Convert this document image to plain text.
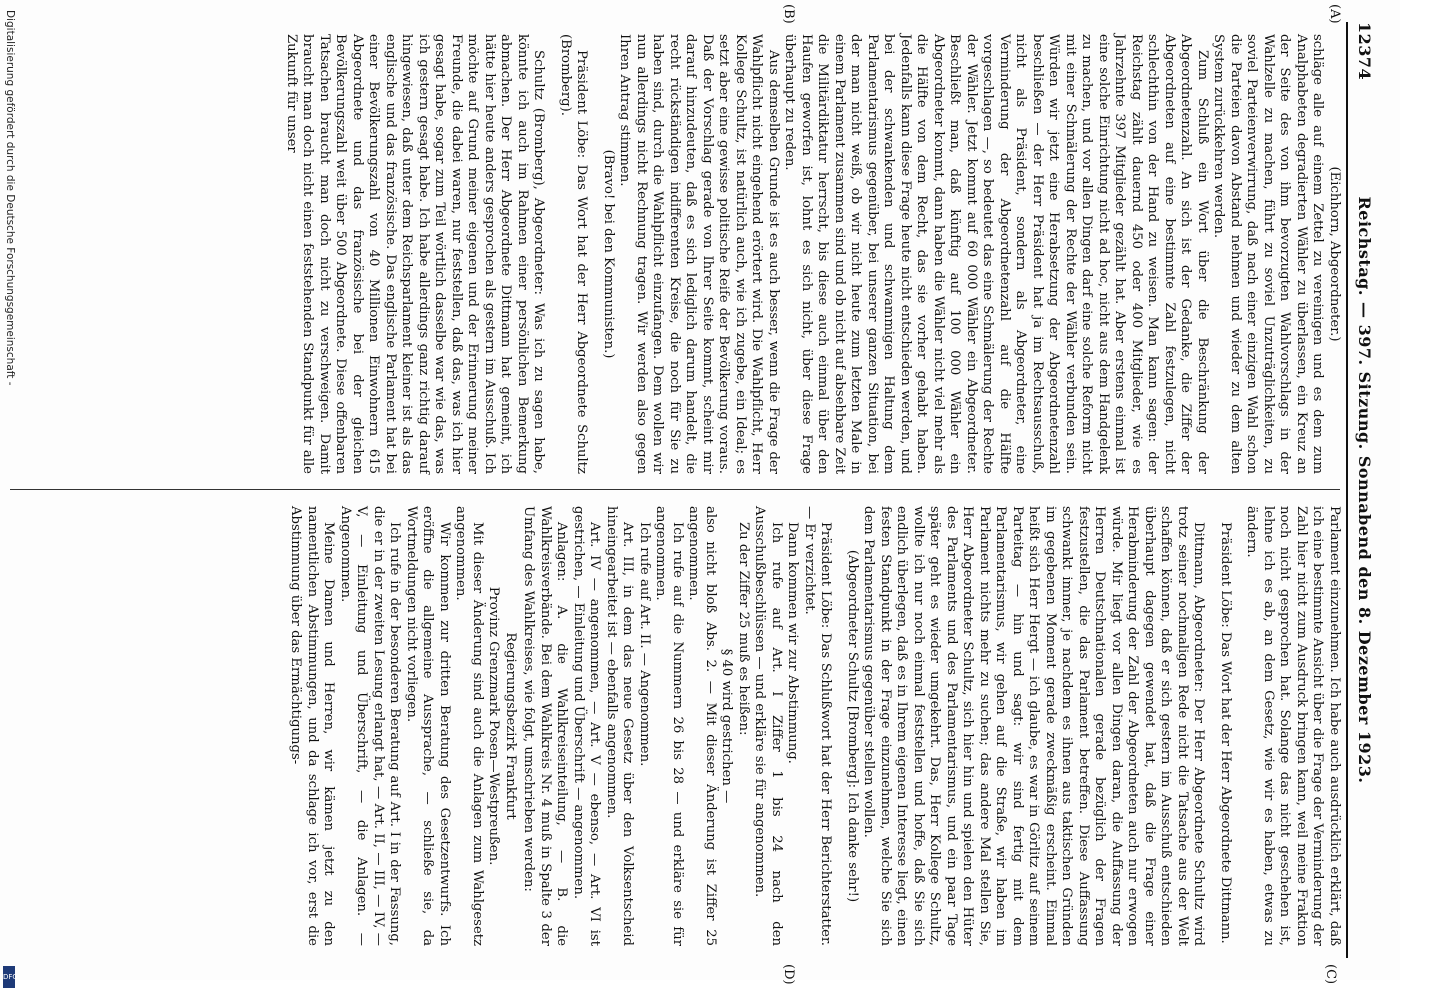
12374
Reichstag. — 397. Sitzung. Sonnabend den 8. Dezember 1923.
(A)
(B)
(C)
(D)

(Eichhorn, Abgeordneter.)

schläge alle auf einem Zettel zu vereinigen und es dem zum Analphabeten degradierten Wähler zu überlassen, ein Kreuz an der Seite des von ihm bevorzugten Wahlvorschlags in der Wahlzelle zu machen, führt zu soviel Unzuträglichkeiten, zu soviel Parteienverwirrung, daß nach einer einzigen Wahl schon die Parteien davon Abstand nehmen und wieder zu dem alten System zurückkehren werden.

Zum Schluß ein Wort über die Beschränkung der Abgeordnetenzahl. An sich ist der Gedanke, die Ziffer der Abgeordneten auf eine bestimmte Zahl festzulegen, nicht schlechthin von der Hand zu weisen. Man kann sagen: der Reichstag zählt dauernd 450 oder 400 Mitglieder, wie es Jahrzehnte 397 Mitglieder gezählt hat. Aber erstens einmal ist eine solche Einrichtung nicht ad hoc, nicht aus dem Handgelenk zu machen, und vor allen Dingen darf eine solche Reform nicht mit einer Schmälerung der Rechte der Wähler verbunden sein. Würden wir jetzt eine Herabsetzung der Abgeordnetenzahl beschließen — der Herr Präsident hat ja im Rechtsausschuß, nicht als Präsident, sondern als Abgeordneter, eine Verminderung der Abgeordnetenzahl auf die Hälfte vorgeschlagen —, so bedeutet das eine Schmälerung der Rechte der Wähler. Jetzt kommt auf 60 000 Wähler ein Abgeordneter. Beschließt man, daß künftig auf 100 000 Wähler ein Abgeordneter kommt, dann haben die Wähler nicht viel mehr als die Hälfte von dem Recht, das sie vorher gehabt haben. Jedenfalls kann diese Frage heute nicht entschieden werden, und bei der schwankenden und schwammigen Haltung dem Parlamentarismus gegenüber, bei unserer ganzen Situation, bei der man nicht weiß, ob wir nicht heute zum letzten Male in einem Parlament zusammen sind und ob nicht auf absehbare Zeit die Militärdiktatur herrscht, bis diese auch einmal über den Haufen geworfen ist, lohnt es sich nicht, über diese Frage überhaupt zu reden.

Aus demselben Grunde ist es auch besser, wenn die Frage der Wahlpflicht nicht eingehend erörtert wird. Die Wahlpflicht, Herr Kollege Schultz, ist natürlich auch, wie ich zugebe, ein Ideal; es setzt aber eine gewisse politische Reife der Bevölkerung voraus. Daß der Vorschlag gerade von Ihrer Seite kommt, scheint mir darauf hinzudeuten, daß es sich lediglich darum handelt, die recht rückständigen indifferenten Kreise, die noch für Sie zu haben sind, durch die Wahlpflicht einzufangen. Dem wollen wir nun allerdings nicht Rechnung tragen. Wir werden also gegen Ihren Antrag stimmen.

(Bravo! bei den Kommunisten.)

Präsident Löbe: Das Wort hat der Herr Abgeordnete Schultz (Bromberg).

Schultz (Bromberg), Abgeordneter: Was ich zu sagen habe, könnte ich auch im Rahmen einer persönlichen Bemerkung abmachen. Der Herr Abgeordnete Dittmann hat gemeint, ich hätte hier heute anders gesprochen als gestern im Ausschuß. Ich möchte auf Grund meiner eigenen und der Erinnerung meiner Freunde, die dabei waren, nur feststellen, daß das, was ich hier gesagt habe, sogar zum Teil wörtlich dasselbe war wie das, was ich gestern gesagt habe. Ich habe allerdings ganz richtig darauf hingewiesen, daß unter dem Reichsparlament kleiner ist als das englische und das französische. Das englische Parlament hat bei einer Bevölkerungszahl von 40 Millionen Einwohnern 615 Abgeordnete und das französische bei der gleichen Bevölkerungszahl weit über 500 Abgeordnete. Diese offenbaren Tatsachen braucht man doch nicht zu verschweigen. Damit braucht man doch nicht einen feststehenden Standpunkt für alle Zukunft für unser

Parlament einzunehmen. Ich habe auch ausdrücklich erklärt, daß ich eine bestimmte Ansicht über die Frage der Verminderung der Zahl hier nicht zum Ausdruck bringen kann, weil meine Fraktion noch nicht gesprochen hat. Solange das nicht geschehen ist, lehne ich es ab, an dem Gesetz, wie wir es haben, etwas zu ändern.

Präsident Löbe: Das Wort hat der Herr Abgeordnete Dittmann.

Dittmann, Abgeordneter: Der Herr Abgeordnete Schultz wird trotz seiner nochmaligen Rede nicht die Tatsache aus der Welt schaffen können, daß er sich gestern im Ausschuß entschieden überhaupt dagegen gewendet hat, daß die Frage einer Herabminderung der Zahl der Abgeordneten auch nur erwogen würde. Mir liegt vor allen Dingen daran, die Auffassung der Herren Deutschnationalen gerade bezüglich der Fragen festzustellen, die das Parlament betreffen. Diese Auffassung schwankt immer, je nachdem es ihnen aus taktischen Gründen im gegebenen Moment gerade zweckmäßig erscheint. Einmal heißt sich Herr Hergt — ich glaube, es war in Görlitz auf seinem Parteitag — hin und sagt: wir sind fertig mit dem Parlamentarismus, wir gehen auf die Straße, wir haben im Parlament nichts mehr zu suchen; das andere Mal stellen Sie, Herr Abgeordneter Schultz, sich hier hin und spielen den Hüter des Parlaments und des Parlamentarismus, und ein paar Tage später geht es wieder umgekehrt. Das, Herr Kollege Schultz, wollte ich nur noch einmal feststellen und hoffe, daß Sie sich endlich überlegen, daß es in Ihrem eigenen Interesse liegt, einen festen Standpunkt in der Frage einzunehmen, welche Sie sich dem Parlamentarismus gegenüber stellen wollen.

(Abgeordneter Schultz [Bromberg]: Ich danke sehr!)

Präsident Löbe: Das Schlußwort hat der Herr Berichterstatter. — Er verzichtet.

Dann kommen wir zur Abstimmung.

Ich rufe auf Art. I Ziffer 1 bis 24 nach den Ausschußbeschlüssen — und erkläre sie für angenommen.

Zu der Ziffer 25 muß es heißen:

§ 40 wird gestrichen —

also nicht bloß Abs. 2. — Mit dieser Änderung ist Ziffer 25 angenommen.

Ich rufe auf die Nummern 26 bis 28 — und erkläre sie für angenommen.

Ich rufe auf Art. II. — Angenommen.

Art. III, in dem das neue Gesetz über den Volksentscheid hineingearbeitet ist — ebenfalls angenommen.

Art. IV — angenommen, — Art. V — ebenso, — Art. VI ist gestrichen, — Einleitung und Überschrift — angenommen.

Anlagen: A. die Wahlkreiseinteilung, — B. die Wahlkreisverbände. Bei dem Wahlkreis Nr. 4 muß in Spalte 3 der Umfang des Wahlkreises, wie folgt, umschrieben werden:

Regierungsbezirk Frankfurt

Provinz Grenzmark Posen—Westpreußen.

Mit dieser Änderung sind auch die Anlagen zum Wahlgesetz angenommen.

Wir kommen zur dritten Beratung des Gesetzentwurfs. Ich eröffne die allgemeine Aussprache, — schließe sie, da Wortmeldungen nicht vorliegen.

Ich rufe in der besonderen Beratung auf Art. I in der Fassung, die er in der zweiten Lesung erlangt hat, — Art. II, — III, — IV, — V, — Einleitung und Überschrift, — die Anlagen. — Angenommen.

Meine Damen und Herren, wir kämen jetzt zu den namentlichen Abstimmungen, und da schlage ich vor, erst die Abstimmung über das Ermächtigungs-

Digitalisierung gefördert durch die Deutsche Forschungsgemeinschaft -
DFG
